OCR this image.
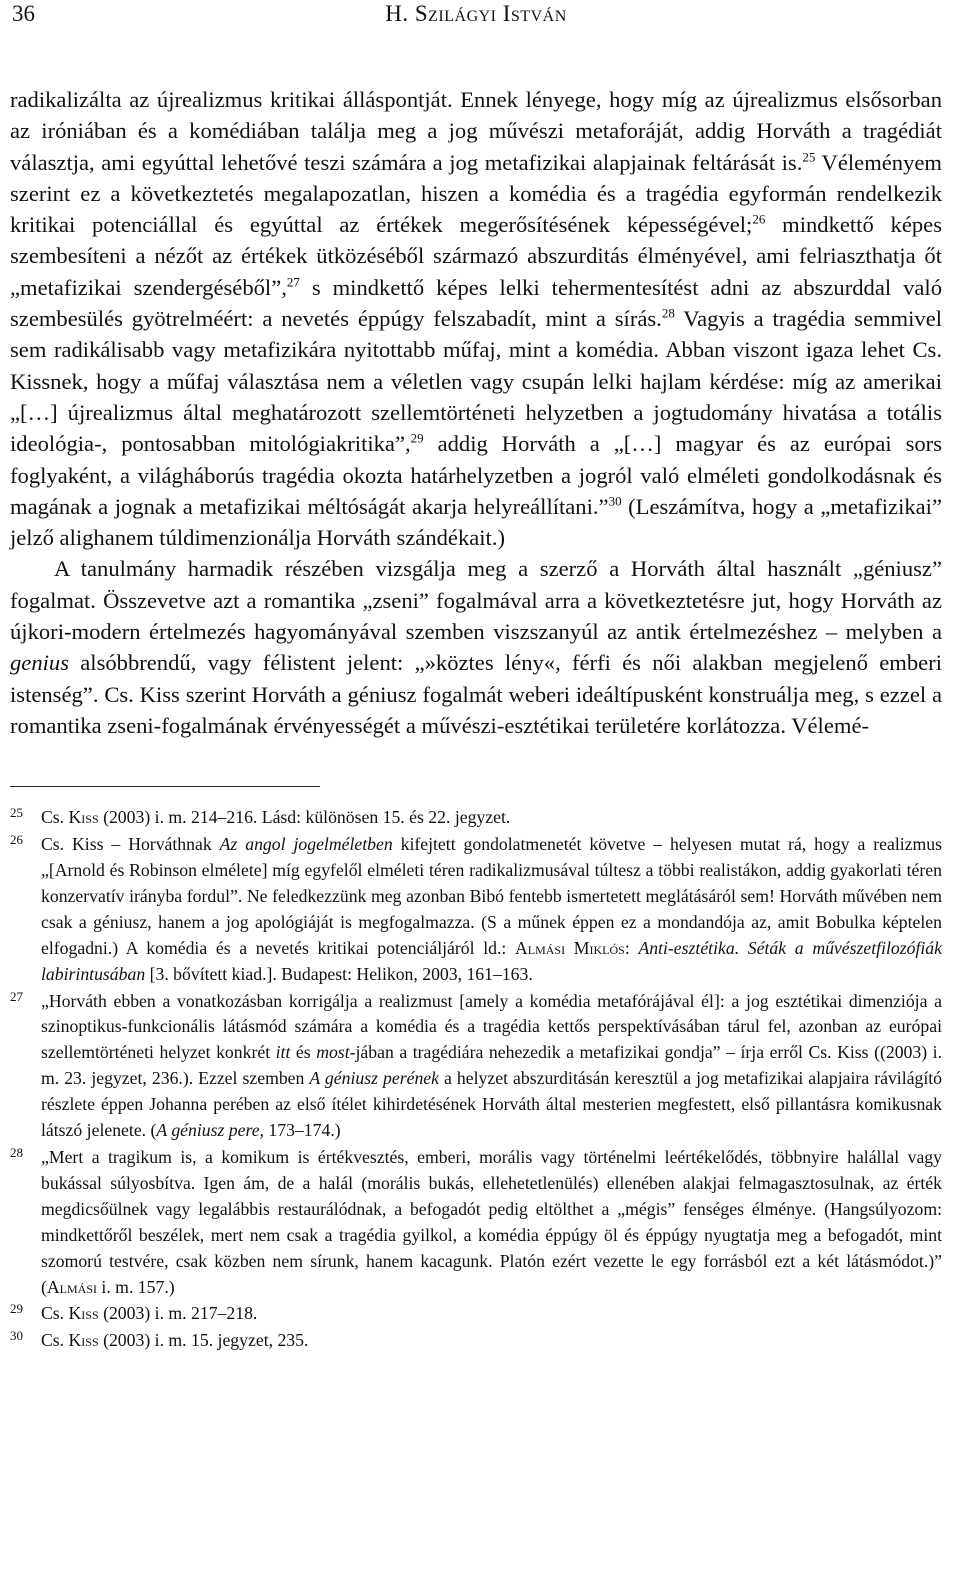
36	H. Szilágyi István

radikalizálta az újrealizmus kritikai álláspontját. Ennek lényege, hogy míg az újrealizmus elsősorban az iróniában és a komédiában találja meg a jog művészi metaforáját, addig Horváth a tragédiát választja, ami egyúttal lehetővé teszi számára a jog metafizikai alapjainak feltárását is.$^{25}$ Véleményem szerint ez a következtetés megalapozatlan, hiszen a komédia és a tragédia egyformán rendelkezik kritikai potenciállal és egyúttal az értékek megerősítésének képességével;$^{26}$ mindkettő képes szembesíteni a nézőt az értékek ütközéséből származó abszurditás élményével, ami felriaszthatja őt „metafizikai szendergéséből”,$^{27}$ s mindkettő képes lelki tehermentesítést adni az abszurddal való szembesülés gyötrelméért: a nevetés éppúgy felszabadít, mint a sírás.$^{28}$ Vagyis a tragédia semmivel sem radikálisabb vagy metafizikára nyitottabb műfaj, mint a komédia. Abban viszont igaza lehet Cs. Kissnek, hogy a műfaj választása nem a véletlen vagy csupán lelki hajlam kérdése: míg az amerikai „[…] újrealizmus által meghatározott szellemtörténeti helyzetben a jogtudomány hivatása a totális ideológia-, pontosabban mitológiakritika”,$^{29}$ addig Horváth a „[…] magyar és az európai sors foglyaként, a világháborús tragédia okozta határhelyzetben a jogról való elméleti gondolkodásnak és magának a jognak a metafizikai méltóságát akarja helyreállítani.”$^{30}$ (Leszámítva, hogy a „metafizikai” jelző alighanem túldimenzionálja Horváth szándékait.)

A tanulmány harmadik részében vizsgálja meg a szerző a Horváth által használt „géniusz” fogalmat. Összevetve azt a romantika „zseni” fogalmával arra a következtetésre jut, hogy Horváth az újkori-modern értelmezés hagyományával szemben viszszanyúl az antik értelmezéshez – melyben a genius alsóbbrendű, vagy félistent jelent: „»köztes lény«, férfi és női alakban megjelenő emberi istenség”. Cs. Kiss szerint Horváth a géniusz fogalmát weberi ideáltípusként konstruálja meg, s ezzel a romantika zseni-fogalmának érvényességét a művészi-esztétikai területére korlátozza. Vélemé-

25 Cs. Kiss (2003) i. m. 214–216. Lásd: különösen 15. és 22. jegyzet.
26 Cs. Kiss – Horváthnak Az angol jogelméletben kifejtett gondolatmenetét követve – helyesen mutat rá, hogy a realizmus „[Arnold és Robinson elmélete] míg egyfelől elméleti téren radikalizmusával túltesz a többi realistákon, addig gyakorlati téren konzervatív irányba fordul”. Ne feledkezzünk meg azonban Bibó fentebb ismertetett meglátásáról sem! Horváth művében nem csak a géniusz, hanem a jog apológiáját is megfogalmazza. (S a műnek éppen ez a mondandója az, amit Bobulka képtelen elfogadni.) A komédia és a nevetés kritikai potenciáljáról ld.: Almási Miklós: Anti-esztétika. Séták a művészetfilozófiák labirintusában [3. bővített kiad.]. Budapest: Helikon, 2003, 161–163.
27 „Horváth ebben a vonatkozásban korrigálja a realizmust [amely a komédia metafórájával él]: a jog esztétikai dimenziója a szinoptikus-funkcionális látásmód számára a komédia és a tragédia kettős perspektívásában tárul fel, azonban az európai szellemtörténeti helyzet konkrét itt és most-jában a tragédiára nehezedik a metafizikai gondja” – írja erről Cs. Kiss ((2003) i. m. 23. jegyzet, 236.). Ezzel szemben A géniusz perének a helyzet abszurditásán keresztül a jog metafizikai alapjaira rávilágító részlete éppen Johanna perében az első ítélet kihirdetésének Horváth által mesterien megfestett, első pillantásra komikusnak látszó jelenete. (A géniusz pere, 173–174.)
28 „Mert a tragikum is, a komikum is értékvesztés, emberi, morális vagy történelmi leértékelődés, többnyire halállal vagy bukással súlyosbítva. Igen ám, de a halál (morális bukás, ellehetetlenülés) ellenében alakjai felmagasztosulnak, az érték megdicsőülnek vagy legalábbis restaurálódnak, a befogadót pedig eltölthet a „mégis” fenséges élménye. (Hangsúlyozom: mindkettőről beszélek, mert nem csak a tragédia gyilkol, a komédia éppúgy öl és éppúgy nyugtatja meg a befogadót, mint szomorú testvére, csak közben nem sírunk, hanem kacagunk. Platón ezért vezette le egy forrásból ezt a két látásmódot.)” (Almási i. m. 157.)
29 Cs. Kiss (2003) i. m. 217–218.
30 Cs. Kiss (2003) i. m. 15. jegyzet, 235.
